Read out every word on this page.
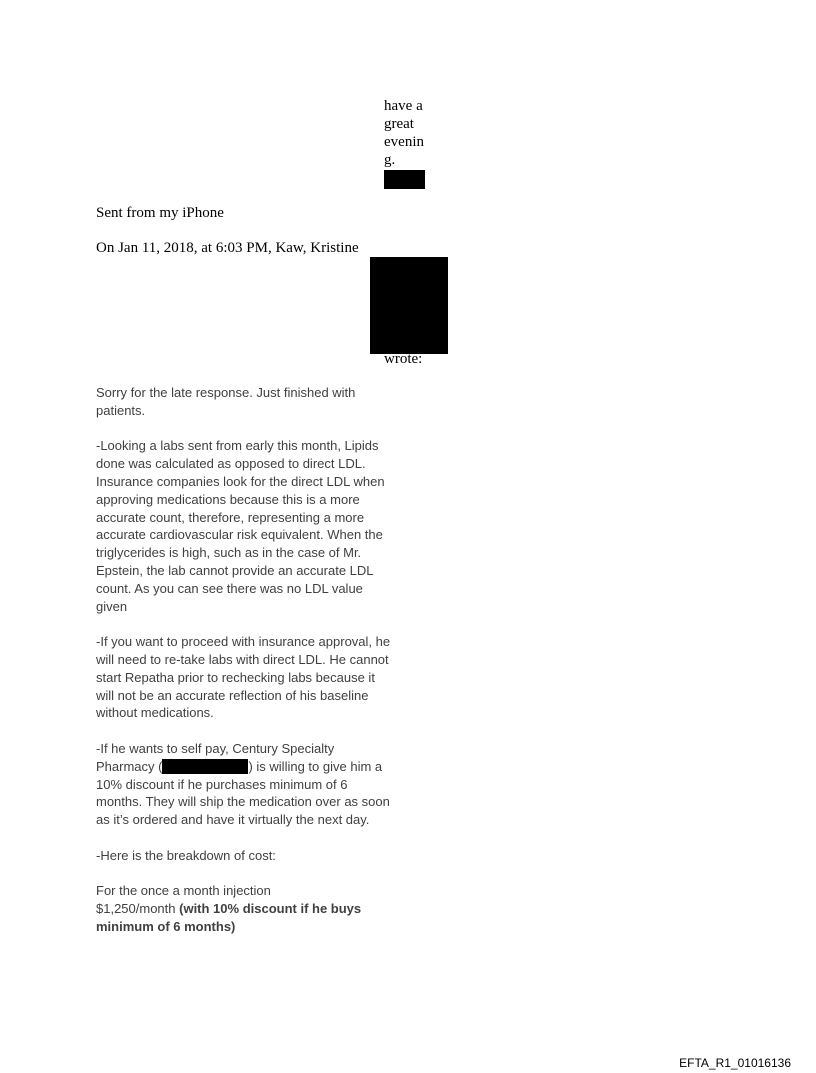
have a
great
evenin
g.
Sent from my iPhone
On Jan 11, 2018, at 6:03 PM, Kaw, Kristine
wrote:

Sorry for the late response. Just finished with patients.

-Looking a labs sent from early this month, Lipids done was calculated as opposed to direct LDL. Insurance companies look for the direct LDL when approving medications because this is a more accurate count, therefore, representing a more accurate cardiovascular risk equivalent. When the triglycerides is high, such as in the case of Mr. Epstein, the lab cannot provide an accurate LDL count. As you can see there was no LDL value given

-If you want to proceed with insurance approval, he will need to re-take labs with direct LDL. He cannot start Repatha prior to rechecking labs because it will not be an accurate reflection of his baseline without medications.

-If he wants to self pay, Century Specialty Pharmacy (	) is willing to give him a 10% discount if he purchases minimum of 6 months. They will ship the medication over as soon as it’s ordered and have it virtually the next day.

-Here is the breakdown of cost:

For the once a month injection
$1,250/month (with 10% discount if he buys minimum of 6 months)

EFTA_R1_01016136
